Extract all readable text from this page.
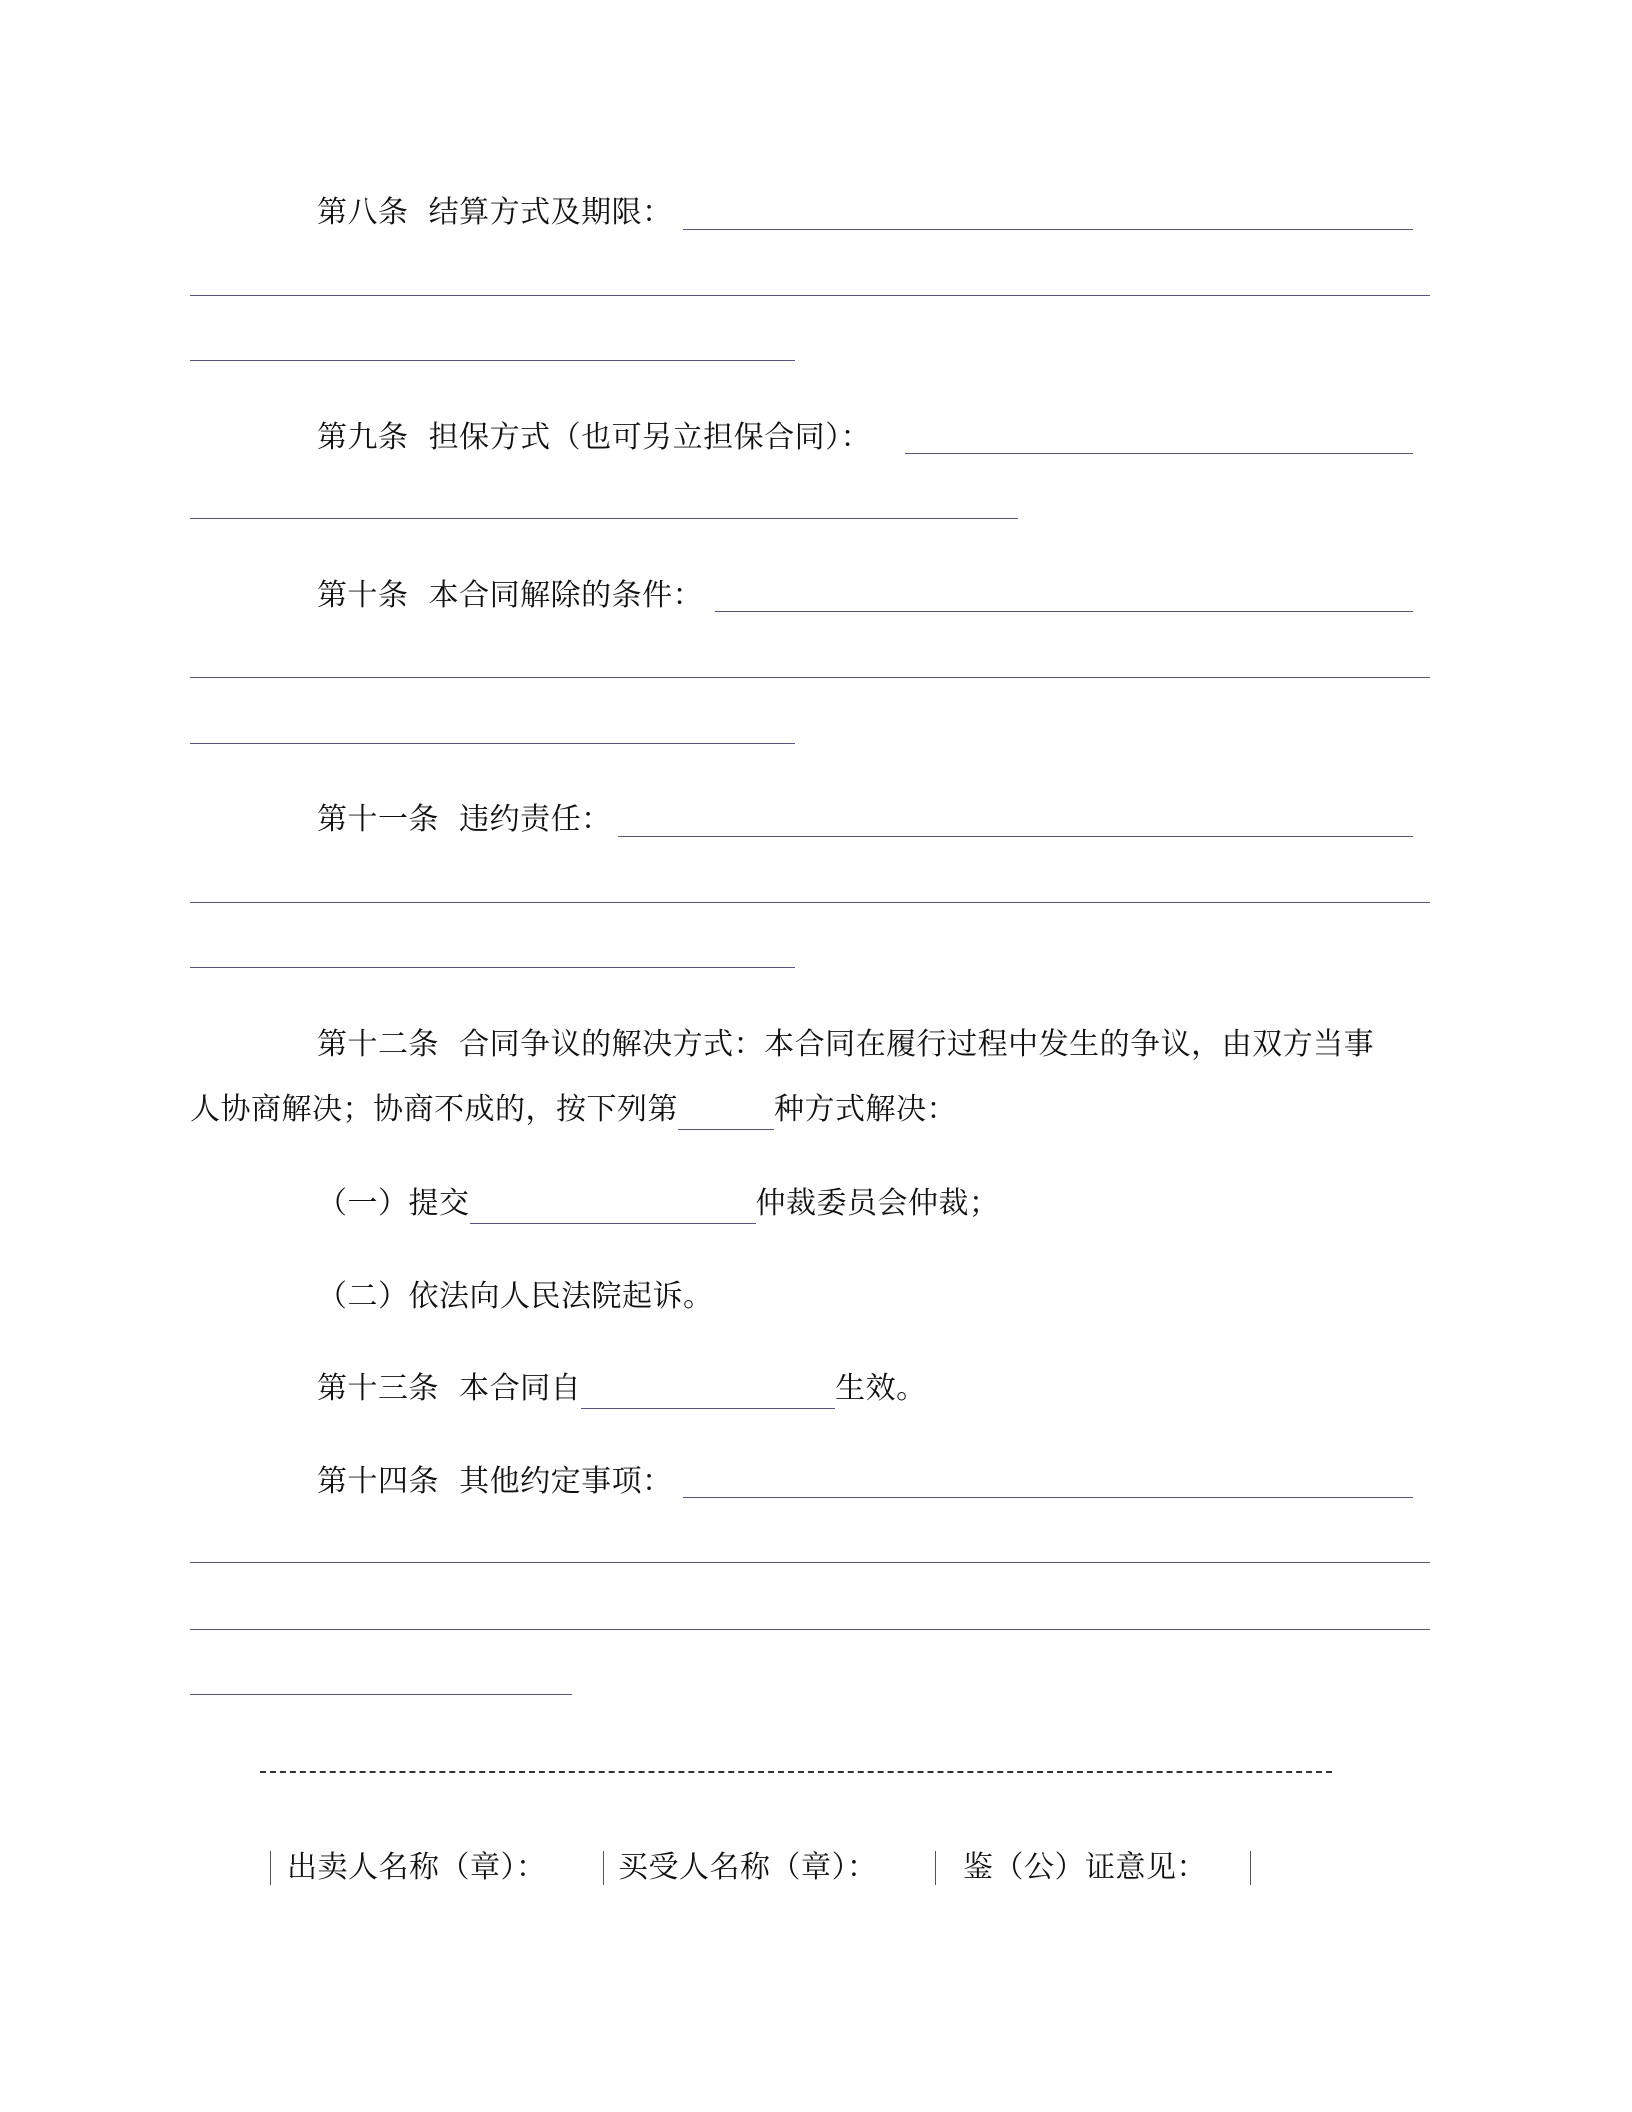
第八条 结算方式及期限：
第九条 担保方式（也可另立担保合同）：
第十条 本合同解除的条件：
第十一条 违约责任：
第十二条 合同争议的解决方式：本合同在履行过程中发生的争议，由双方当事
人协商解决；协商不成的，按下列第	种方式解决：
（一）提交	仲裁委员会仲裁；
（二）依法向人民法院起诉。
第十三条 本合同自	生效。
第十四条 其他约定事项：
出卖人名称（章）： 买受人名称（章）：	鉴（公）证意见：
